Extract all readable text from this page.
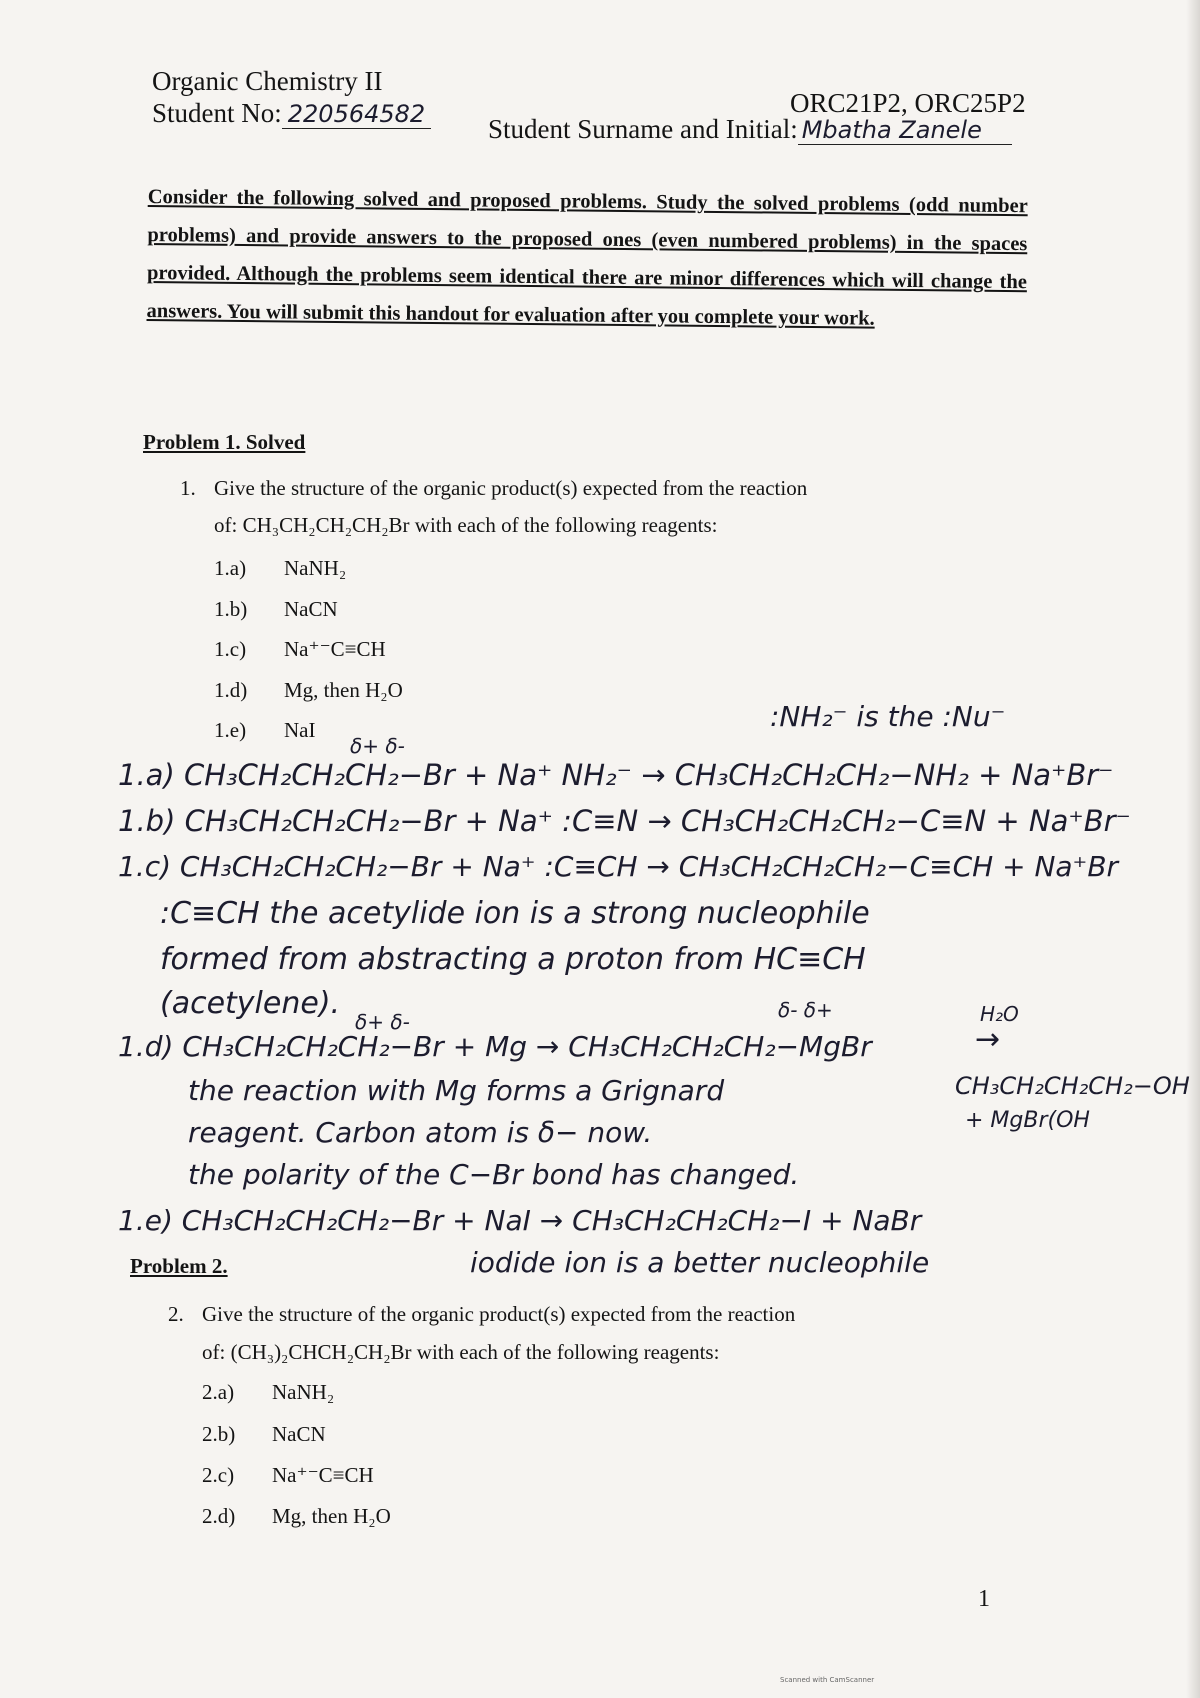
Organic Chemistry II
Student No: 220564582	ORC21P2, ORC25P2
Student Surname and Initial: Mbatha Zanele
Consider the following solved and proposed problems. Study the solved problems (odd number problems) and provide answers to the proposed ones (even numbered problems) in the spaces provided. Although the problems seem identical there are minor differences which will change the answers. You will submit this handout for evaluation after you complete your work.
Problem 1. Solved
1. Give the structure of the organic product(s) expected from the reaction
of: CH₃CH₂CH₂CH₂Br with each of the following reagents:
1.a) NaNH₂
1.b) NaCN
1.c) Na⁺⁻C≡CH
1.d) Mg, then H₂O
1.e) NaI	:NH₂⁻ is the :Nu⁻
δ+ δ-
1.a) CH₃CH₂CH₂CH₂−Br + Na⁺ NH₂⁻ → CH₃CH₂CH₂CH₂−NH₂ + Na⁺Br⁻
1.b) CH₃CH₂CH₂CH₂−Br + Na⁺ :C≡N → CH₃CH₂CH₂CH₂−C≡N + Na⁺Br⁻
1.c) CH₃CH₂CH₂CH₂−Br + Na⁺ :C≡CH → CH₃CH₂CH₂CH₂−C≡CH + Na⁺Br
:C≡CH the acetylide ion is a strong nucleophile
formed from abstracting a proton from HC≡CH
(acetylene).
δ+ δ-	δ- δ+	H₂O
1.d) CH₃CH₂CH₂CH₂−Br + Mg → CH₃CH₂CH₂CH₂−MgBr	→
the reaction with Mg forms a Grignard	CH₃CH₂CH₂CH₂−OH
+ MgBr(OH
reagent. Carbon atom is δ− now.
the polarity of the C−Br bond has changed.
1.e) CH₃CH₂CH₂CH₂−Br + NaI → CH₃CH₂CH₂CH₂−I + NaBr
iodide ion is a better nucleophile
Problem 2.
2. Give the structure of the organic product(s) expected from the reaction
of: (CH₃)₂CHCH₂CH₂Br with each of the following reagents:
2.a) NaNH₂
2.b) NaCN
2.c) Na⁺⁻C≡CH
2.d) Mg, then H₂O
1
Scanned with CamScanner
